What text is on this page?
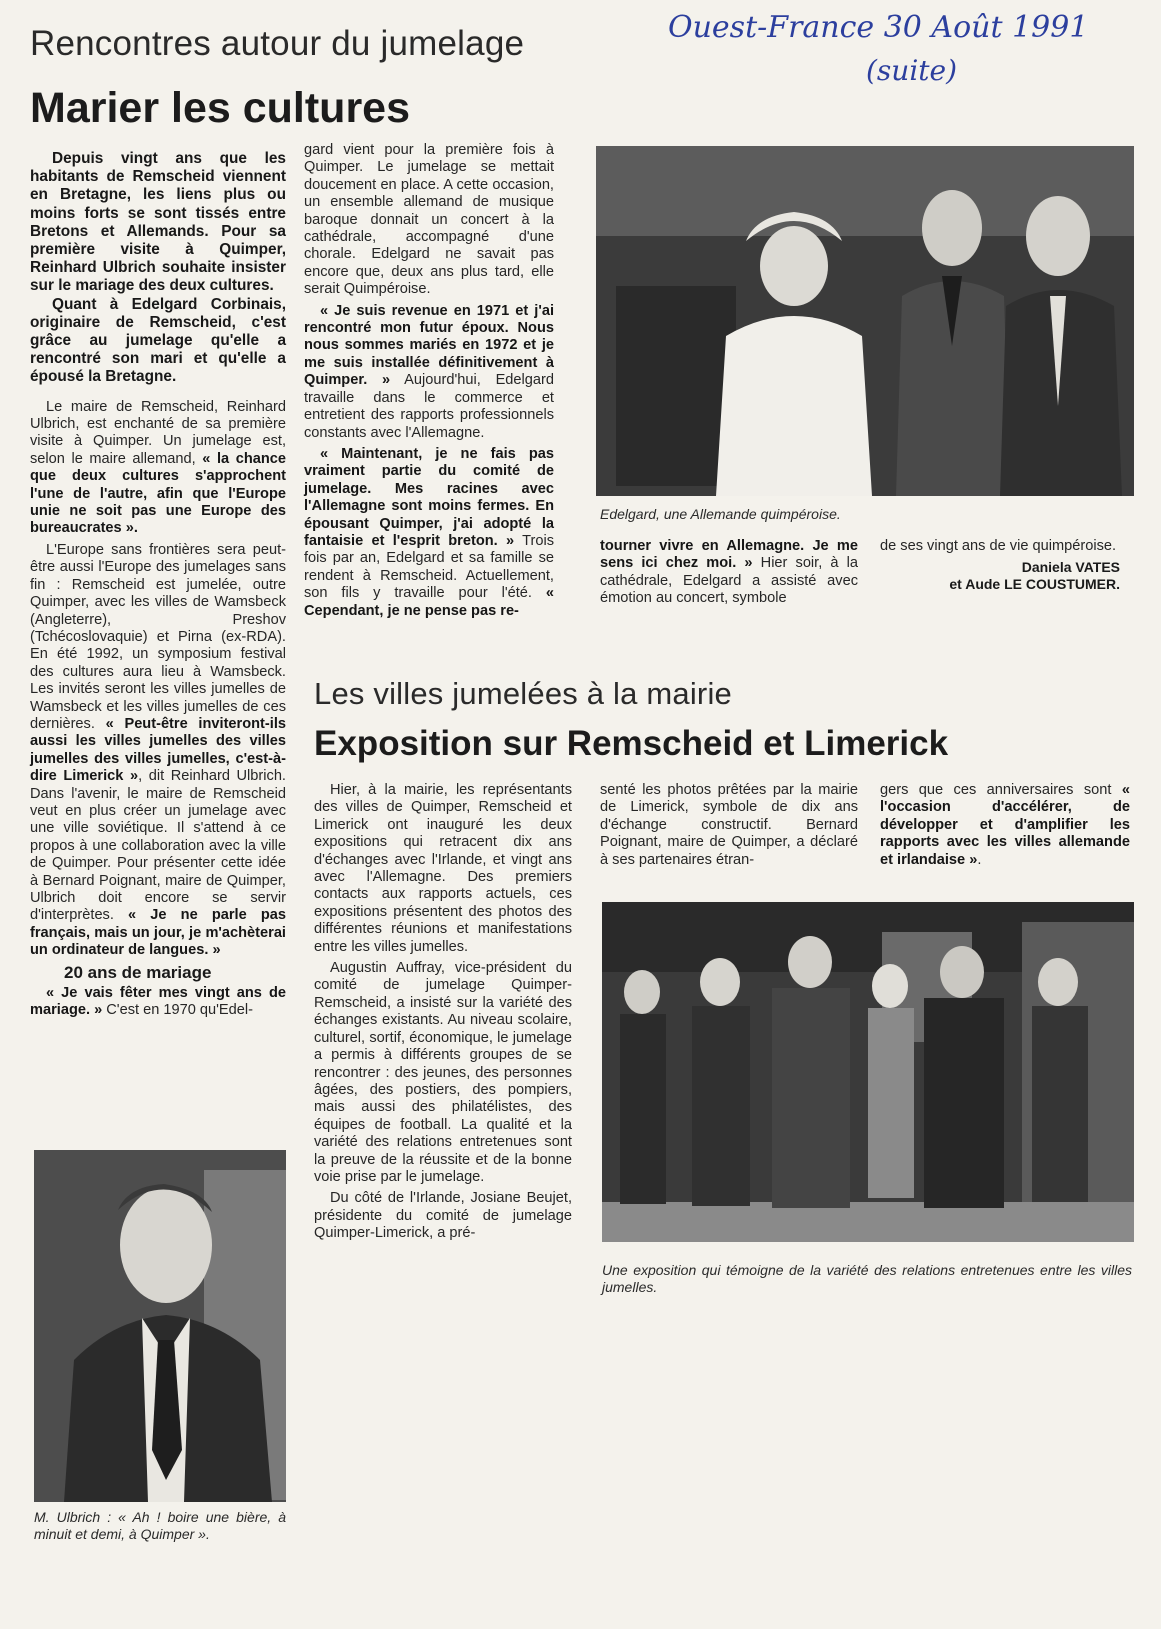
Ouest-France 30 Août 1991
(suite)
Rencontres autour du jumelage
Marier les cultures
Depuis vingt ans que les habitants de Remscheid viennent en Bretagne, les liens plus ou moins forts se sont tissés entre Bretons et Allemands. Pour sa première visite à Quimper, Reinhard Ulbrich souhaite insister sur le mariage des deux cultures.
Quant à Edelgard Corbinais, originaire de Remscheid, c'est grâce au jumelage qu'elle a rencontré son mari et qu'elle a épousé la Bretagne.

Le maire de Remscheid, Reinhard Ulbrich, est enchanté de sa première visite à Quimper. Un jumelage est, selon le maire allemand, « la chance que deux cultures s'approchent l'une de l'autre, afin que l'Europe unie ne soit pas une Europe des bureaucrates ».

L'Europe sans frontières sera peut-être aussi l'Europe des jumelages sans fin : Remscheid est jumelée, outre Quimper, avec les villes de Wamsbeck (Angleterre), Preshov (Tchécoslovaquie) et Pirna (ex-RDA). En été 1992, un symposium festival des cultures aura lieu à Wamsbeck. Les invités seront les villes jumelles de Wamsbeck et les villes jumelles de ces dernières. « Peut-être inviteront-ils aussi les villes jumelles des villes jumelles des villes jumelles, c'est-à-dire Limerick », dit Reinhard Ulbrich. Dans l'avenir, le maire de Remscheid veut en plus créer un jumelage avec une ville soviétique. Il s'attend à ce propos à une collaboration avec la ville de Quimper. Pour présenter cette idée à Bernard Poignant, maire de Quimper, Ulbrich doit encore se servir d'interprètes. « Je ne parle pas français, mais un jour, je m'achèterai un ordinateur de langues. »

20 ans de mariage

« Je vais fêter mes vingt ans de mariage. » C'est en 1970 qu'Edel-

M. Ulbrich : « Ah ! boire une bière, à minuit et demi, à Quimper ».

gard vient pour la première fois à Quimper. Le jumelage se mettait doucement en place. A cette occasion, un ensemble allemand de musique baroque donnait un concert à la cathédrale, accompagné d'une chorale. Edelgard ne savait pas encore que, deux ans plus tard, elle serait Quimpéroise.

« Je suis revenue en 1971 et j'ai rencontré mon futur époux. Nous nous sommes mariés en 1972 et je me suis installée définitivement à Quimper. » Aujourd'hui, Edelgard travaille dans le commerce et entretient des rapports professionnels constants avec l'Allemagne.

« Maintenant, je ne fais pas vraiment partie du comité de jumelage. Mes racines avec l'Allemagne sont moins fermes. En épousant Quimper, j'ai adopté la fantaisie et l'esprit breton. » Trois fois par an, Edelgard et sa famille se rendent à Remscheid. Actuellement, son fils y travaille pour l'été. « Cependant, je ne pense pas re-

Edelgard, une Allemande quimpéroise.

tourner vivre en Allemagne. Je me sens ici chez moi. » Hier soir, à la cathédrale, Edelgard a assisté avec émotion au concert, symbole

de ses vingt ans de vie quimpéroise.

Daniela VATES
et Aude LE COUSTUMER.
Les villes jumelées à la mairie
Exposition sur Remscheid et Limerick

Hier, à la mairie, les représentants des villes de Quimper, Remscheid et Limerick ont inauguré les deux expositions qui retracent dix ans d'échanges avec l'Irlande, et vingt ans avec l'Allemagne. Des premiers contacts aux rapports actuels, ces expositions présentent des photos des différentes réunions et manifestations entre les villes jumelles.

Augustin Auffray, vice-président du comité de jumelage Quimper-Remscheid, a insisté sur la variété des échanges existants. Au niveau scolaire, culturel, sortif, économique, le jumelage a permis à différents groupes de se rencontrer : des jeunes, des personnes âgées, des postiers, des pompiers, mais aussi des philatélistes, des équipes de football. La qualité et la variété des relations entretenues sont la preuve de la réussite et de la bonne voie prise par le jumelage.

Du côté de l'Irlande, Josiane Beujet, présidente du comité de jumelage Quimper-Limerick, a pré-

senté les photos prêtées par la mairie de Limerick, symbole de dix ans d'échange constructif. Bernard Poignant, maire de Quimper, a déclaré à ses partenaires étran-

gers que ces anniversaires sont « l'occasion d'accélérer, de développer et d'amplifier les rapports avec les villes allemande et irlandaise ».

Une exposition qui témoigne de la variété des relations entretenues entre les villes jumelles.
